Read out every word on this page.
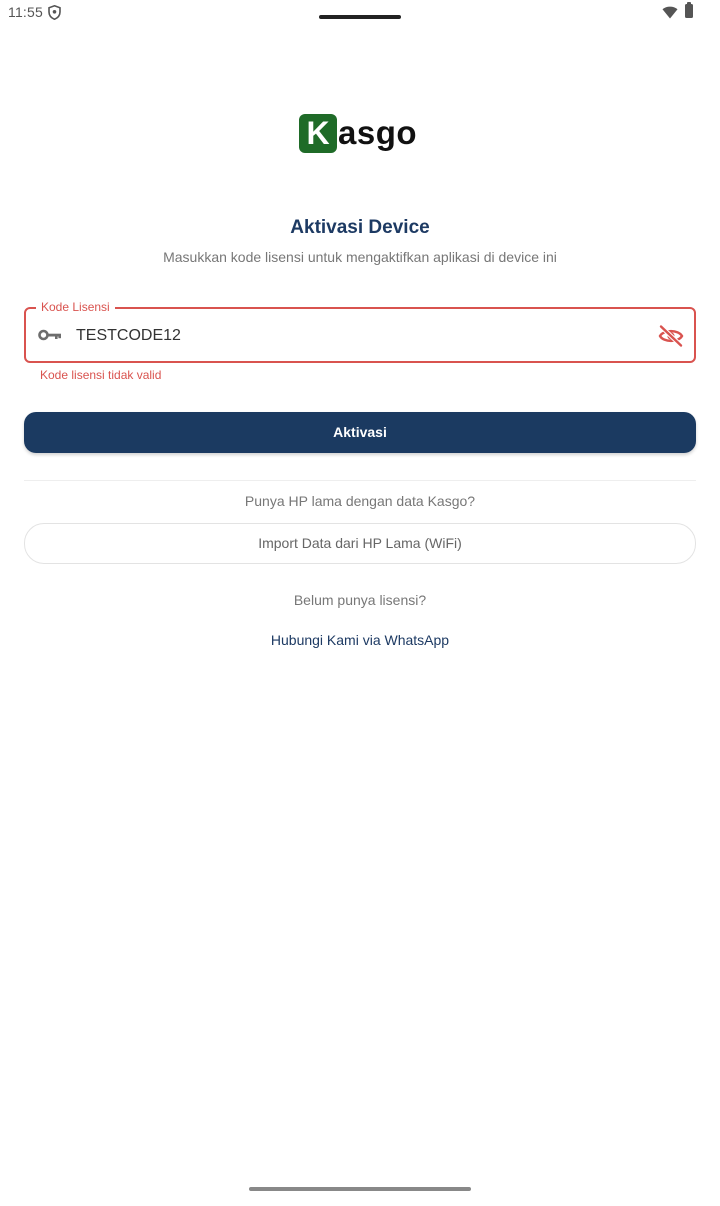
11:55
K asgo
Aktivasi Device
Masukkan kode lisensi untuk mengaktifkan aplikasi di device ini
Kode Lisensi
TESTCODE12
Kode lisensi tidak valid
Aktivasi
Punya HP lama dengan data Kasgo?
Import Data dari HP Lama (WiFi)
Belum punya lisensi?
Hubungi Kami via WhatsApp
